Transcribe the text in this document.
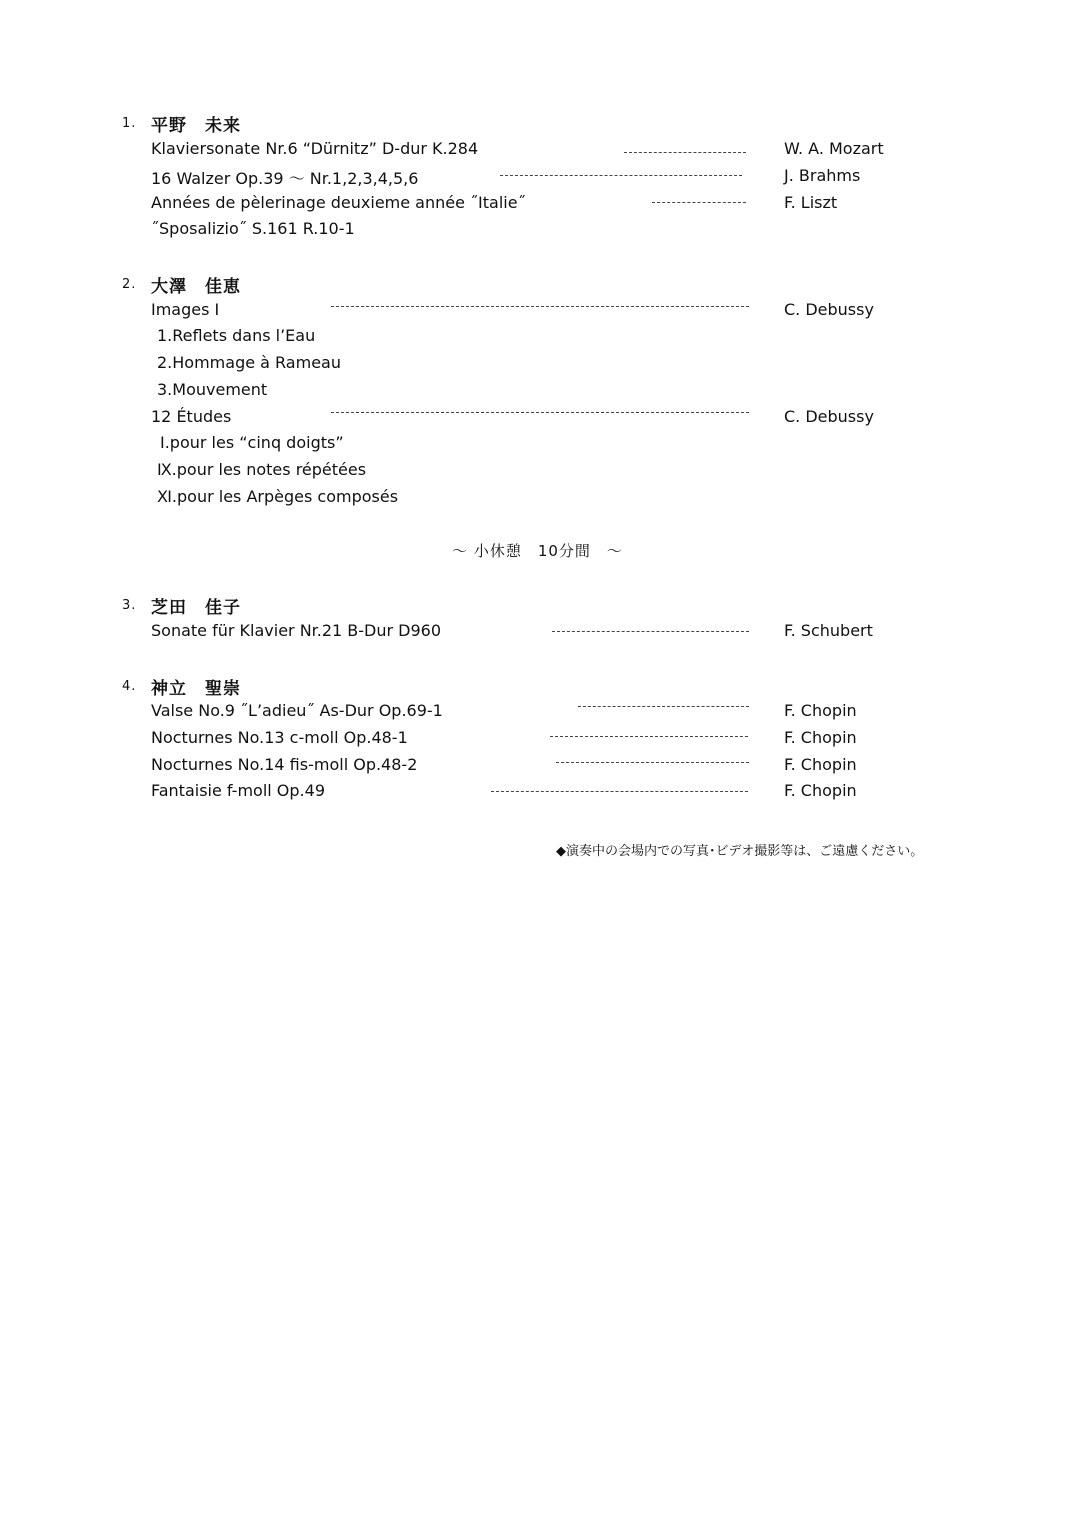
1. 平野　未来
Klaviersonate Nr.6 “Dürnitz” D-dur K.284	W. A. Mozart
16 Walzer Op.39 ～ Nr.1,2,3,4,5,6	J. Brahms
Années de pèlerinage deuxieme année ˝Italie˝	F. Liszt
˝Sposalizio˝ S.161 R.10-1
2. 大澤　佳恵
Images Ⅰ	C. Debussy
1.Reflets dans l’Eau
2.Hommage à Rameau
3.Mouvement
12 Études	C. Debussy
Ⅰ.pour les “cinq doigts”
Ⅸ.pour les notes répétées
Ⅺ.pour les Arpèges composés
～ 小休憩　10分間　～
3. 芝田　佳子
Sonate für Klavier Nr.21 B-Dur D960	F. Schubert
4. 神立　聖崇
Valse No.9 ˝L’adieu˝ As-Dur Op.69-1	F. Chopin
Nocturnes No.13 c-moll Op.48-1	F. Chopin
Nocturnes No.14 fis-moll Op.48-2	F. Chopin
Fantaisie f-moll Op.49	F. Chopin
◆演奏中の会場内での写真･ビデオ撮影等は、ご遠慮ください。
